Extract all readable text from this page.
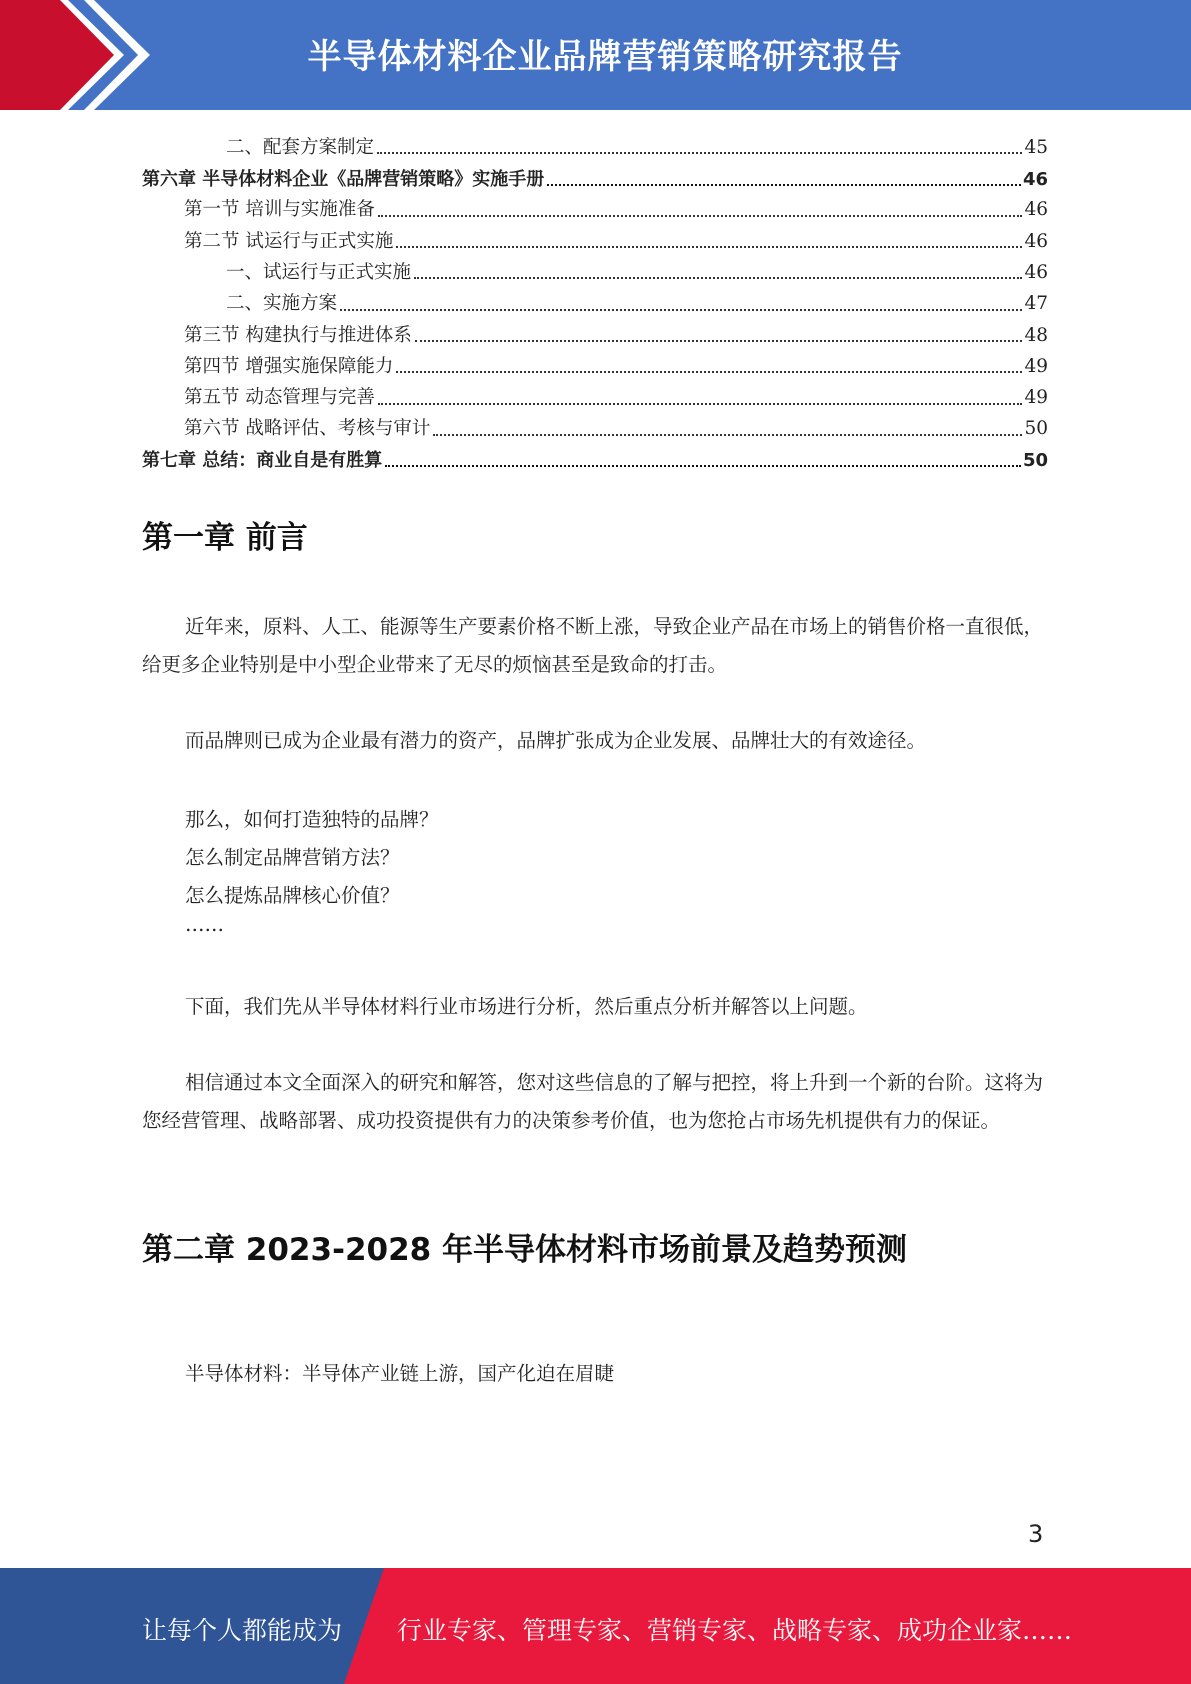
半导体材料企业品牌营销策略研究报告
二、配套方案制定	45
第六章 半导体材料企业《品牌营销策略》实施手册	46
第一节 培训与实施准备	46
第二节 试运行与正式实施	46
一、试运行与正式实施	46
二、实施方案	47
第三节 构建执行与推进体系	48
第四节 增强实施保障能力	49
第五节 动态管理与完善	49
第六节 战略评估、考核与审计	50
第七章 总结：商业自是有胜算	50
第一章 前言

近年来，原料、人工、能源等生产要素价格不断上涨，导致企业产品在市场上的销售价格一直很低，给更多企业特别是中小型企业带来了无尽的烦恼甚至是致命的打击。

而品牌则已成为企业最有潜力的资产，品牌扩张成为企业发展、品牌壮大的有效途径。

那么，如何打造独特的品牌？
怎么制定品牌营销方法？
怎么提炼品牌核心价值？
……

下面，我们先从半导体材料行业市场进行分析，然后重点分析并解答以上问题。

相信通过本文全面深入的研究和解答，您对这些信息的了解与把控，将上升到一个新的台阶。这将为您经营管理、战略部署、成功投资提供有力的决策参考价值，也为您抢占市场先机提供有力的保证。

第二章 2023-2028 年半导体材料市场前景及趋势预测

半导体材料：半导体产业链上游，国产化迫在眉睫

3
让每个人都能成为 行业专家、管理专家、营销专家、战略专家、成功企业家……
